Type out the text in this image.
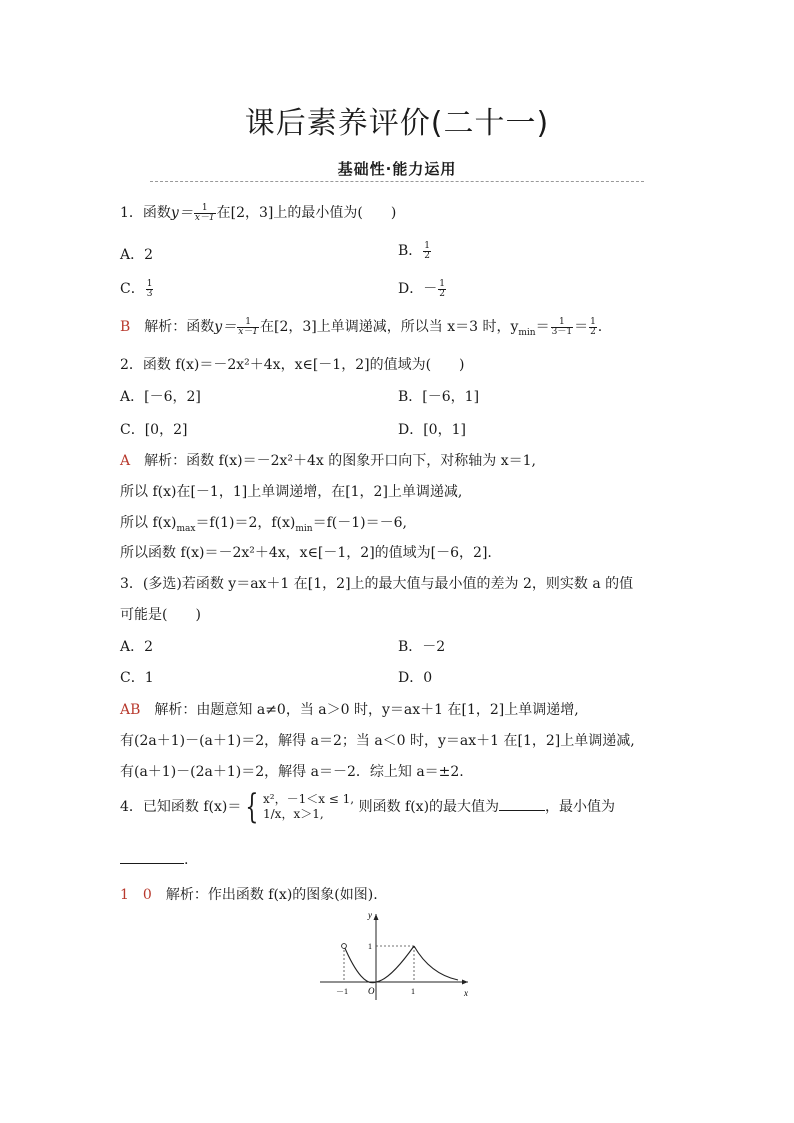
课后素养评价(二十一)
基础性·能力运用
1．函数$y= \frac{1}{x-1}$ 在[2，3]上的最小值为(　　)
A．2	B． $\frac{1}{2}$
C． $\frac{1}{3}$	D．－ $\frac{1}{2}$
B　 解析：函数$y= \frac{1}{x-1}$ 在[2，3]上单调递减，所以当 x＝3 时，$y_{min}= \frac{1}{3-1} = \frac{1}{2}$ .
2．函数 f(x)＝－2x²＋4x，x∈[－1，2]的值域为(　　)
A．[－6，2]	B．[－6，1]
C．[0，2]	D．[0，1]
A　 解析：函数 f(x)＝－2x²＋4x 的图象开口向下，对称轴为 x＝1,
所以 f(x)在[－1，1]上单调递增，在[1，2]上单调递减,
所以 $f(x)_{max}=f(1)=2$，$f(x)_{min}=f(-1)=-6$,
所以函数 f(x)＝－2x²＋4x，x∈[－1，2]的值域为[－6，2].
3．(多选)若函数 y＝ax＋1 在[1，2]上的最大值与最小值的差为 2，则实数 a 的值
可能是(　　)
A．2	B．－2
C．1	D．0
AB　 解析：由题意知 a≠0，当 a＞0 时，y＝ax＋1 在[1，2]上单调递增,
有(2a＋1)－(a＋1)＝2，解得 a＝2；当 a＜0 时，y＝ax＋1 在[1，2]上单调递减,
有(a＋1)－(2a＋1)＝2，解得 a＝－2．综上知 a＝±2.
4．已知函数 f(x)＝ { x²，－1＜x ≤ 1,
1/x，x＞1,	则函数 f(x)的最大值为	，最小值为
.
1　0　 解析：作出函数 f(x)的图象(如图).
y
x
O
－1	1
1
